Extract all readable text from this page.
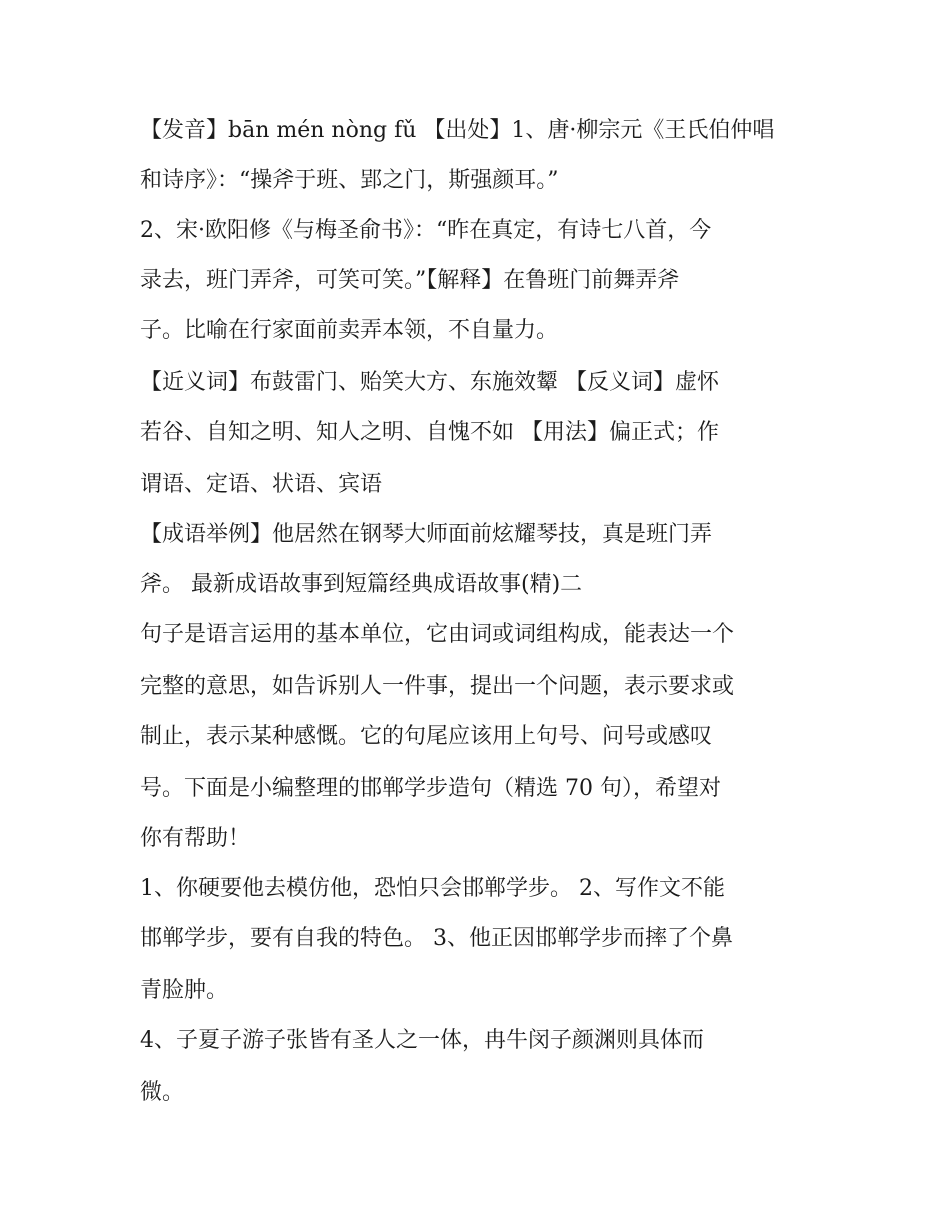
【发音】bān mén nòng fǔ 【出处】1、唐·柳宗元《王氏伯仲唱
和诗序》：“操斧于班、郢之门，斯强颜耳。”
2、宋·欧阳修《与梅圣俞书》：“昨在真定，有诗七八首，今
录去，班门弄斧，可笑可笑。”【解释】在鲁班门前舞弄斧
子。比喻在行家面前卖弄本领，不自量力。
【近义词】布鼓雷门、贻笑大方、东施效颦 【反义词】虚怀
若谷、自知之明、知人之明、自愧不如 【用法】偏正式；作
谓语、定语、状语、宾语
【成语举例】他居然在钢琴大师面前炫耀琴技，真是班门弄
斧。 最新成语故事到短篇经典成语故事(精)二
句子是语言运用的基本单位，它由词或词组构成，能表达一个
完整的意思，如告诉别人一件事，提出一个问题，表示要求或
制止，表示某种感慨。它的句尾应该用上句号、问号或感叹
号。下面是小编整理的邯郸学步造句（精选 70 句），希望对
你有帮助！
1、你硬要他去模仿他，恐怕只会邯郸学步。 2、写作文不能
邯郸学步，要有自我的特色。 3、他正因邯郸学步而摔了个鼻
青脸肿。
4、子夏子游子张皆有圣人之一体，冉牛闵子颜渊则具体而
微。
